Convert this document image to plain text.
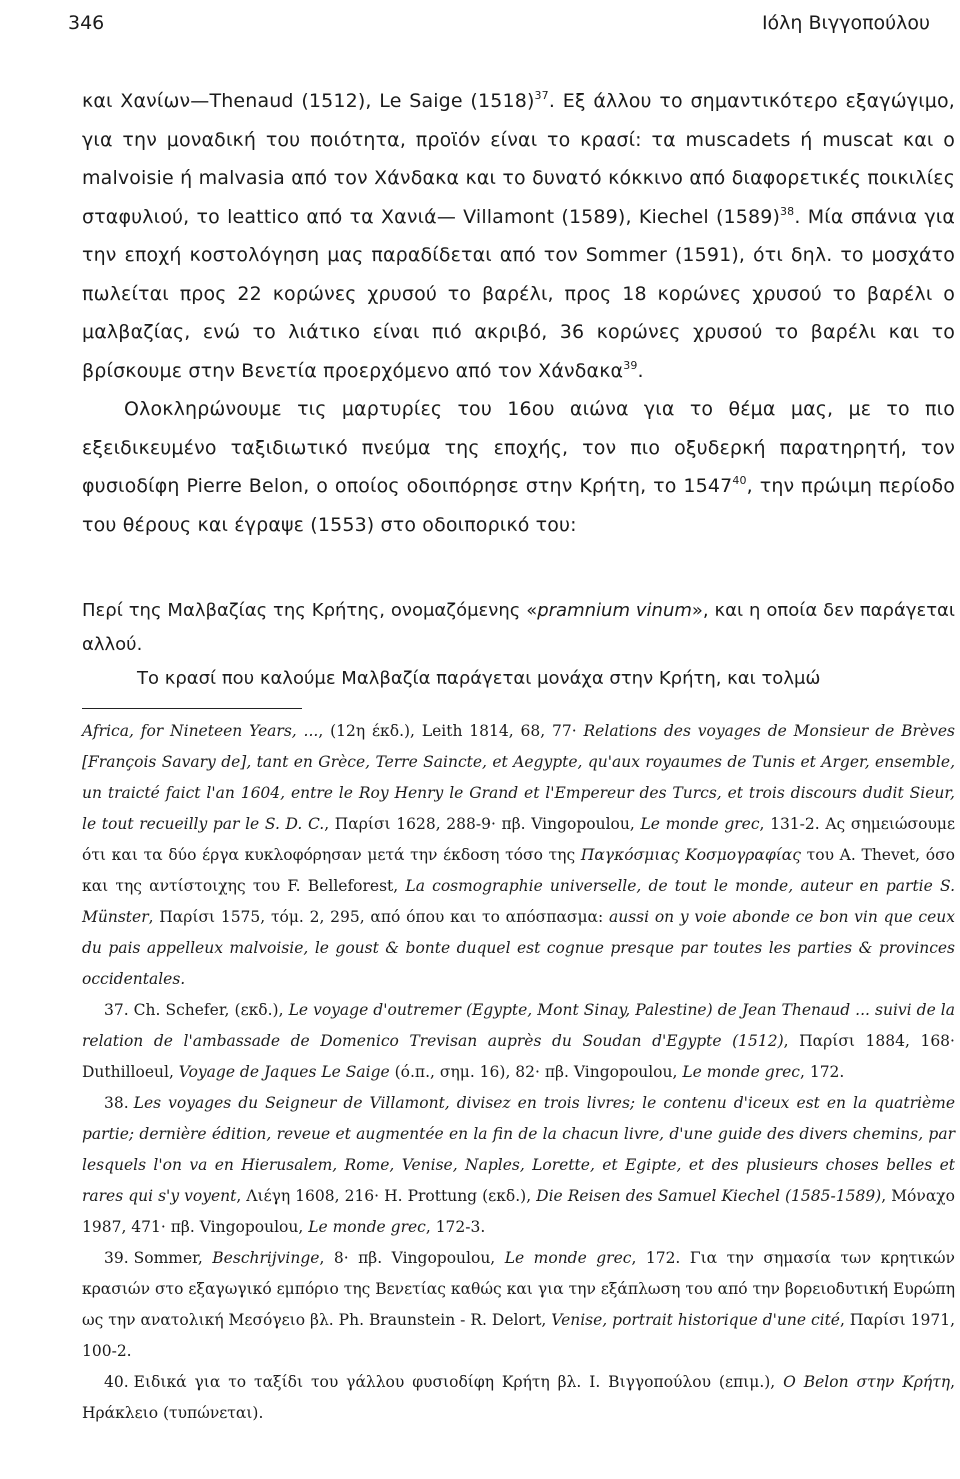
346	Ιόλη Βιγγοπούλου

και Χανίων—Thenaud (1512), Le Saige $(1518)^{37}$. Εξ άλλου το σημαντικότερο εξαγώγιμο, για την μοναδική του ποιότητα, προϊόν είναι το κρασί: τα muscadets ή muscat και ο malvoisie ή malvasia από τον Χάνδακα και το δυνατό κόκκινο από διαφορετικές ποικιλίες σταφυλιού, το leattico από τα Χανιά— Villamont (1589), Kiechel $(1589)^{38}$. Μία σπάνια για την εποχή κοστολόγηση μας παραδίδεται από τον Sommer (1591), ότι δηλ. το μοσχάτο πωλείται προς 22 κορώνες χρυσού το βαρέλι, προς 18 κορώνες χρυσού το βαρέλι ο μαλβαζίας, ενώ το λιάτικο είναι πιό ακριβό, 36 κορώνες χρυσού το βαρέλι και το βρίσκουμε στην Βενετία προερχόμενο από τον Χάνδακα$^{39}$.

Ολοκληρώνουμε τις μαρτυρίες του 16ου αιώνα για το θέμα μας, με το πιο εξειδικευμένο ταξιδιωτικό πνεύμα της εποχής, τον πιο οξυδερκή παρατηρητή, τον φυσιοδίφη Pierre Belon, ο οποίος οδοιπόρησε στην Κρήτη, το 1547$^{40}$, την πρώιμη περίοδο του θέρους και έγραψε (1553) στο οδοιπορικό του:

Περί της Μαλβαζίας της Κρήτης, ονομαζόμενης «pramnium vinum», και η οποία δεν παράγεται αλλού.

Το κρασί που καλούμε Μαλβαζία παράγεται μονάχα στην Κρήτη, και τολμώ

Africa, for Nineteen Years, ..., (12η έκδ.), Leith 1814, 68, 77· Relations des voyages de Monsieur de Brèves [François Savary de], tant en Grèce, Terre Saincte, et Aegypte, qu'aux royaumes de Tunis et Arger, ensemble, un traicté faict l'an 1604, entre le Roy Henry le Grand et l'Empereur des Turcs, et trois discours dudit Sieur, le tout recueilly par le S. D. C., Παρίσι 1628, 288-9· πβ. Vingopoulou, Le monde grec, 131-2. Ας σημειώσουμε ότι και τα δύο έργα κυκλοφόρησαν μετά την έκδοση τόσο της Παγκόσμιας Κοσμογραφίας του A. Thevet, όσο και της αντίστοιχης του F. Belleforest, La cosmographie universelle, de tout le monde, auteur en partie S. Münster, Παρίσι 1575, τόμ. 2, 295, από όπου και το απόσπασμα: aussi on y voie abonde ce bon vin que ceux du pais appelleux malvoisie, le goust & bonte duquel est cognue presque par toutes les parties & provinces occidentales.

37. Ch. Schefer, (εκδ.), Le voyage d'outremer (Egypte, Mont Sinay, Palestine) de Jean Thenaud ... suivi de la relation de l'ambassade de Domenico Trevisan auprès du Soudan d'Egypte (1512), Παρίσι 1884, 168· Duthilloeul, Voyage de Jaques Le Saige (ό.π., σημ. 16), 82· πβ. Vingopoulou, Le monde grec, 172.

38. Les voyages du Seigneur de Villamont, divisez en trois livres; le contenu d'iceux est en la quatrième partie; dernière édition, reveue et augmentée en la fin de la chacun livre, d'une guide des divers chemins, par lesquels l'on va en Hierusalem, Rome, Venise, Naples, Lorette, et Egipte, et des plusieurs choses belles et rares qui s'y voyent, Λιέγη 1608, 216· H. Prottung (εκδ.), Die Reisen des Samuel Kiechel (1585-1589), Μόναχο 1987, 471· πβ. Vingopoulou, Le monde grec, 172-3.

39. Sommer, Beschrijvinge, 8· πβ. Vingopoulou, Le monde grec, 172. Για την σημασία των κρητικών κρασιών στο εξαγωγικό εμπόριο της Βενετίας καθώς και για την εξάπλωση του από την βορειοδυτική Ευρώπη ως την ανατολική Μεσόγειο βλ. Ph. Braunstein - R. Delort, Venise, portrait historique d'une cité, Παρίσι 1971, 100-2.

40. Ειδικά για το ταξίδι του γάλλου φυσιοδίφη Κρήτη βλ. Ι. Βιγγοπούλου (επιμ.), Ο Belon στην Κρήτη, Ηράκλειο (τυπώνεται).
